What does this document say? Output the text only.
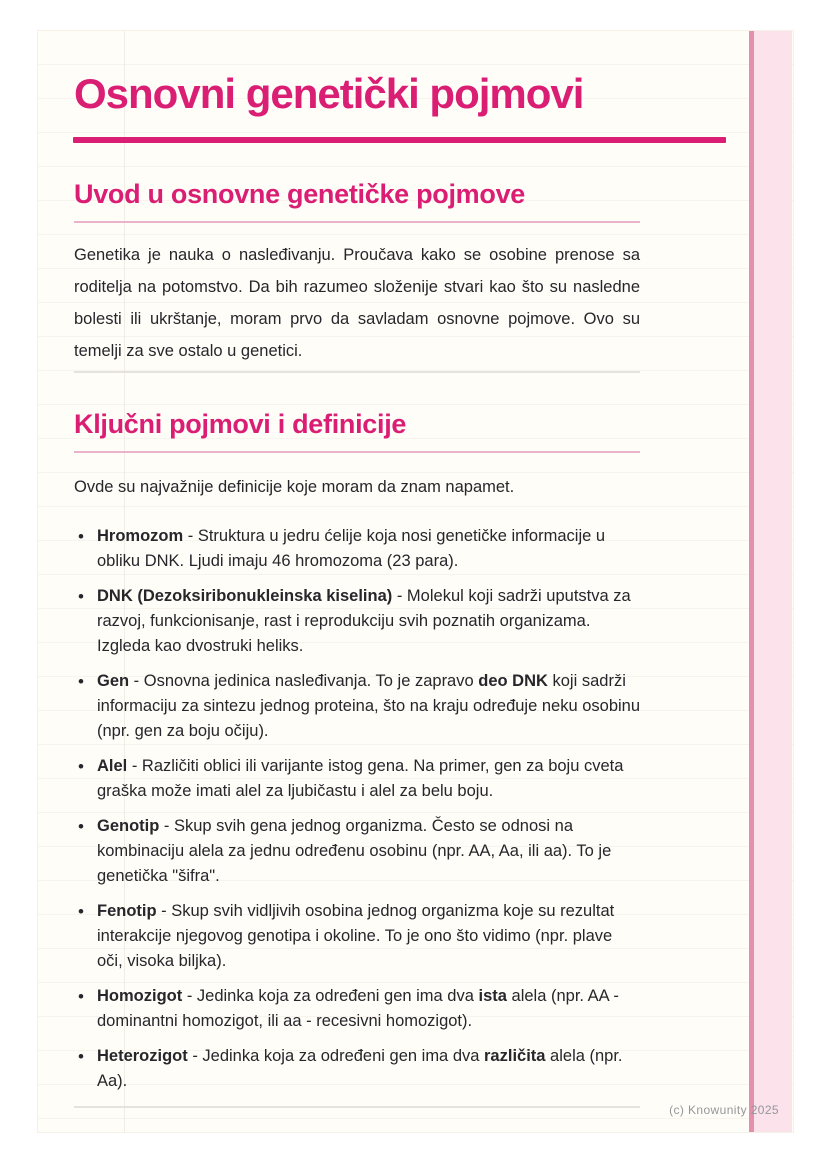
Osnovni genetički pojmovi
Uvod u osnovne genetičke pojmove

Genetika je nauka o nasleđivanju. Proučava kako se osobine prenose sa roditelja na potomstvo. Da bih razumeo složenije stvari kao što su nasledne bolesti ili ukrštanje, moram prvo da savladam osnovne pojmove. Ovo su temelji za sve ostalo u genetici.

Ključni pojmovi i definicije

Ovde su najvažnije definicije koje moram da znam napamet.

• Hromozom - Struktura u jedru ćelije koja nosi genetičke informacije u obliku DNK. Ljudi imaju 46 hromozoma (23 para).
• DNK (Dezoksiribonukleinska kiselina) - Molekul koji sadrži uputstva za razvoj, funkcionisanje, rast i reprodukciju svih poznatih organizama. Izgleda kao dvostruki heliks.
• Gen - Osnovna jedinica nasleđivanja. To je zapravo deo DNK koji sadrži informaciju za sintezu jednog proteina, što na kraju određuje neku osobinu (npr. gen za boju očiju).
• Alel - Različiti oblici ili varijante istog gena. Na primer, gen za boju cveta graška može imati alel za ljubičastu i alel za belu boju.
• Genotip - Skup svih gena jednog organizma. Često se odnosi na kombinaciju alela za jednu određenu osobinu (npr. AA, Aa, ili aa). To je genetička "šifra".
• Fenotip - Skup svih vidljivih osobina jednog organizma koje su rezultat interakcije njegovog genotipa i okoline. To je ono što vidimo (npr. plave oči, visoka biljka).
• Homozigot - Jedinka koja za određeni gen ima dva ista alela (npr. AA - dominantni homozigot, ili aa - recesivni homozigot).
• Heterozigot - Jedinka koja za određeni gen ima dva različita alela (npr. Aa).
(c) Knowunity 2025
